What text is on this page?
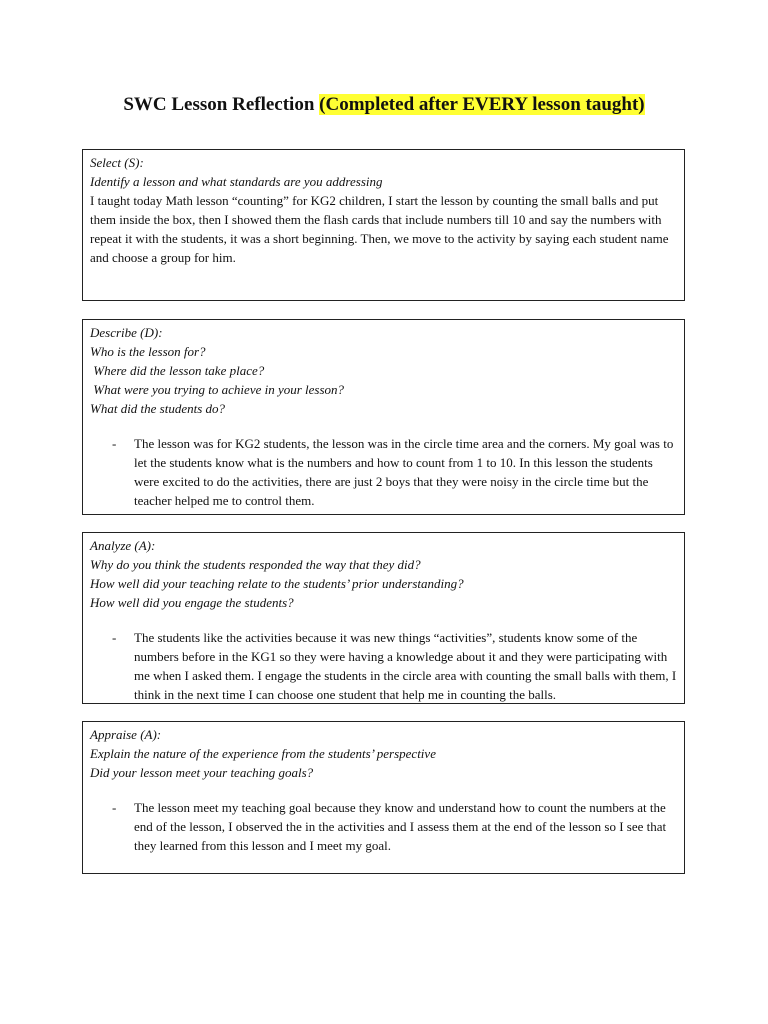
SWC Lesson Reflection (Completed after EVERY lesson taught)

Select (S):

Identify a lesson and what standards are you addressing

I taught today Math lesson “counting” for KG2 children, I start the lesson by counting the small balls and put them inside the box, then I showed them the flash cards that include numbers till 10 and say the numbers with repeat it with the students, it was a short beginning. Then, we move to the activity by saying each student name and choose a group for him.

Describe (D):

Who is the lesson for?

Where did the lesson take place?

What were you trying to achieve in your lesson?

What did the students do?

- The lesson was for KG2 students, the lesson was in the circle time area and the corners. My goal was to let the students know what is the numbers and how to count from 1 to 10. In this lesson the students were excited to do the activities, there are just 2 boys that they were noisy in the circle time but the teacher helped me to control them.

Analyze (A):

Why do you think the students responded the way that they did?

How well did your teaching relate to the students’ prior understanding?

How well did you engage the students?

- The students like the activities because it was new things “activities”, students know some of the numbers before in the KG1 so they were having a knowledge about it and they were participating with me when I asked them. I engage the students in the circle area with counting the small balls with them, I think in the next time I can choose one student that help me in counting the balls.

Appraise (A):

Explain the nature of the experience from the students’ perspective

Did your lesson meet your teaching goals?

- The lesson meet my teaching goal because they know and understand how to count the numbers at the end of the lesson, I observed the in the activities and I assess them at the end of the lesson so I see that they learned from this lesson and I meet my goal.
